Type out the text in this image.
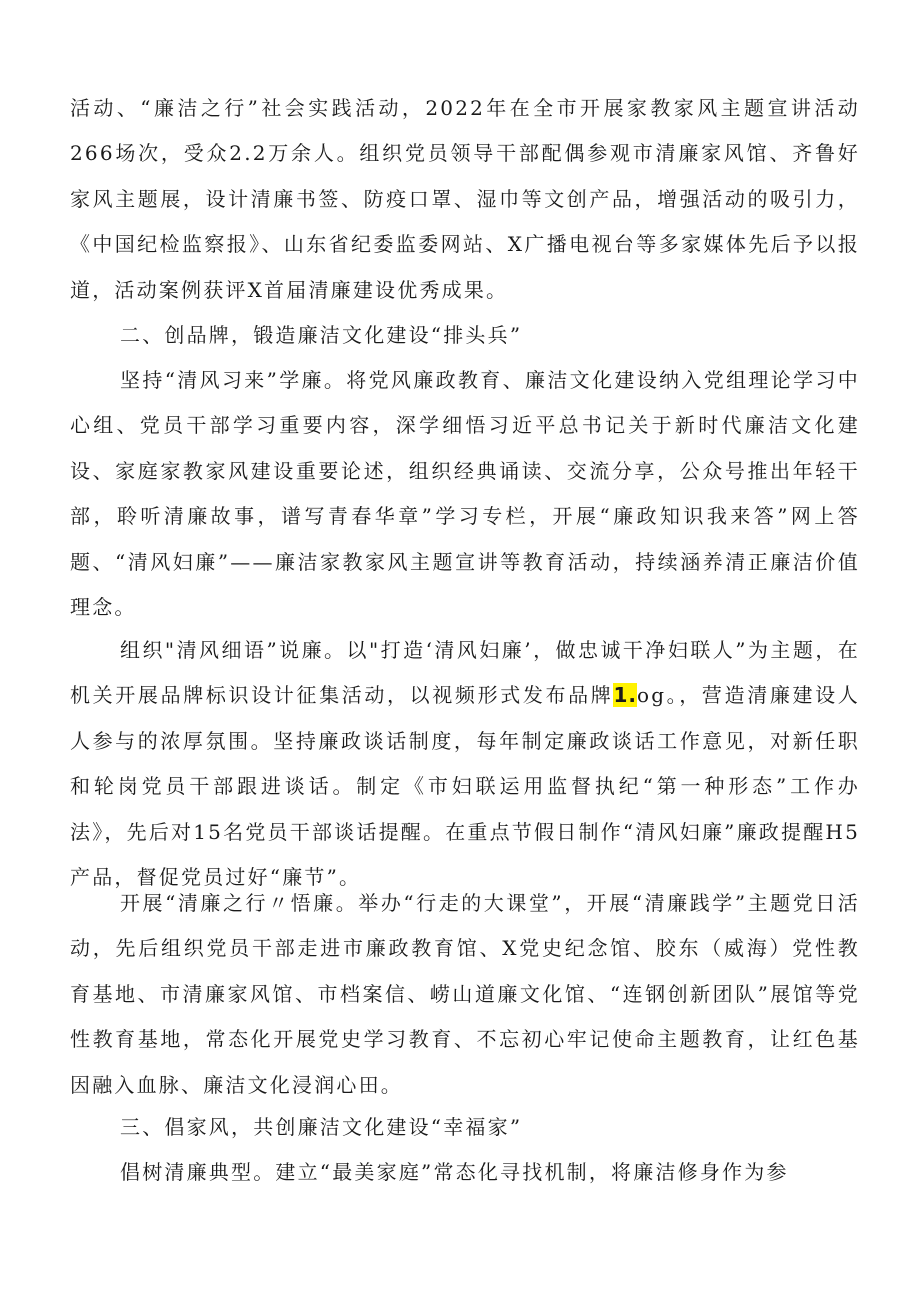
活动、“廉洁之行”社会实践活动，2022年在全市开展家教家风主题宣讲活动266场次，受众2.2万余人。组织党员领导干部配偶参观市清廉家风馆、齐鲁好家风主题展，设计清廉书签、防疫口罩、湿巾等文创产品，增强活动的吸引力，《中国纪检监察报》、山东省纪委监委网站、X广播电视台等多家媒体先后予以报道，活动案例获评X首届清廉建设优秀成果。

二、创品牌，锻造廉洁文化建设“排头兵”

坚持“清风习来”学廉。将党风廉政教育、廉洁文化建设纳入党组理论学习中心组、党员干部学习重要内容，深学细悟习近平总书记关于新时代廉洁文化建设、家庭家教家风建设重要论述，组织经典诵读、交流分享，公众号推出年轻干部，聆听清廉故事，谱写青春华章”学习专栏，开展“廉政知识我来答”网上答题、“清风妇廉”——廉洁家教家风主题宣讲等教育活动，持续涵养清正廉洁价值理念。

组织"清风细语”说廉。以"打造‘清风妇廉’，做忠诚干净妇联人”为主题，在机关开展品牌标识设计征集活动，以视频形式发布品牌1.og。，营造清廉建设人人参与的浓厚氛围。坚持廉政谈话制度，每年制定廉政谈话工作意见，对新任职和轮岗党员干部跟进谈话。制定《市妇联运用监督执纪“第一种形态”工作办法》，先后对15名党员干部谈话提醒。在重点节假日制作“清风妇廉”廉政提醒H5产品，督促党员过好“廉节”。

开展“清廉之行〃悟廉。举办“行走的大课堂”，开展“清廉践学”主题党日活动，先后组织党员干部走进市廉政教育馆、X党史纪念馆、胶东（威海）党性教育基地、市清廉家风馆、市档案信、崂山道廉文化馆、“连钢创新团队”展馆等党性教育基地，常态化开展党史学习教育、不忘初心牢记使命主题教育，让红色基因融入血脉、廉洁文化浸润心田。

三、倡家风，共创廉洁文化建设“幸福家”

倡树清廉典型。建立“最美家庭”常态化寻找机制，将廉洁修身作为参
